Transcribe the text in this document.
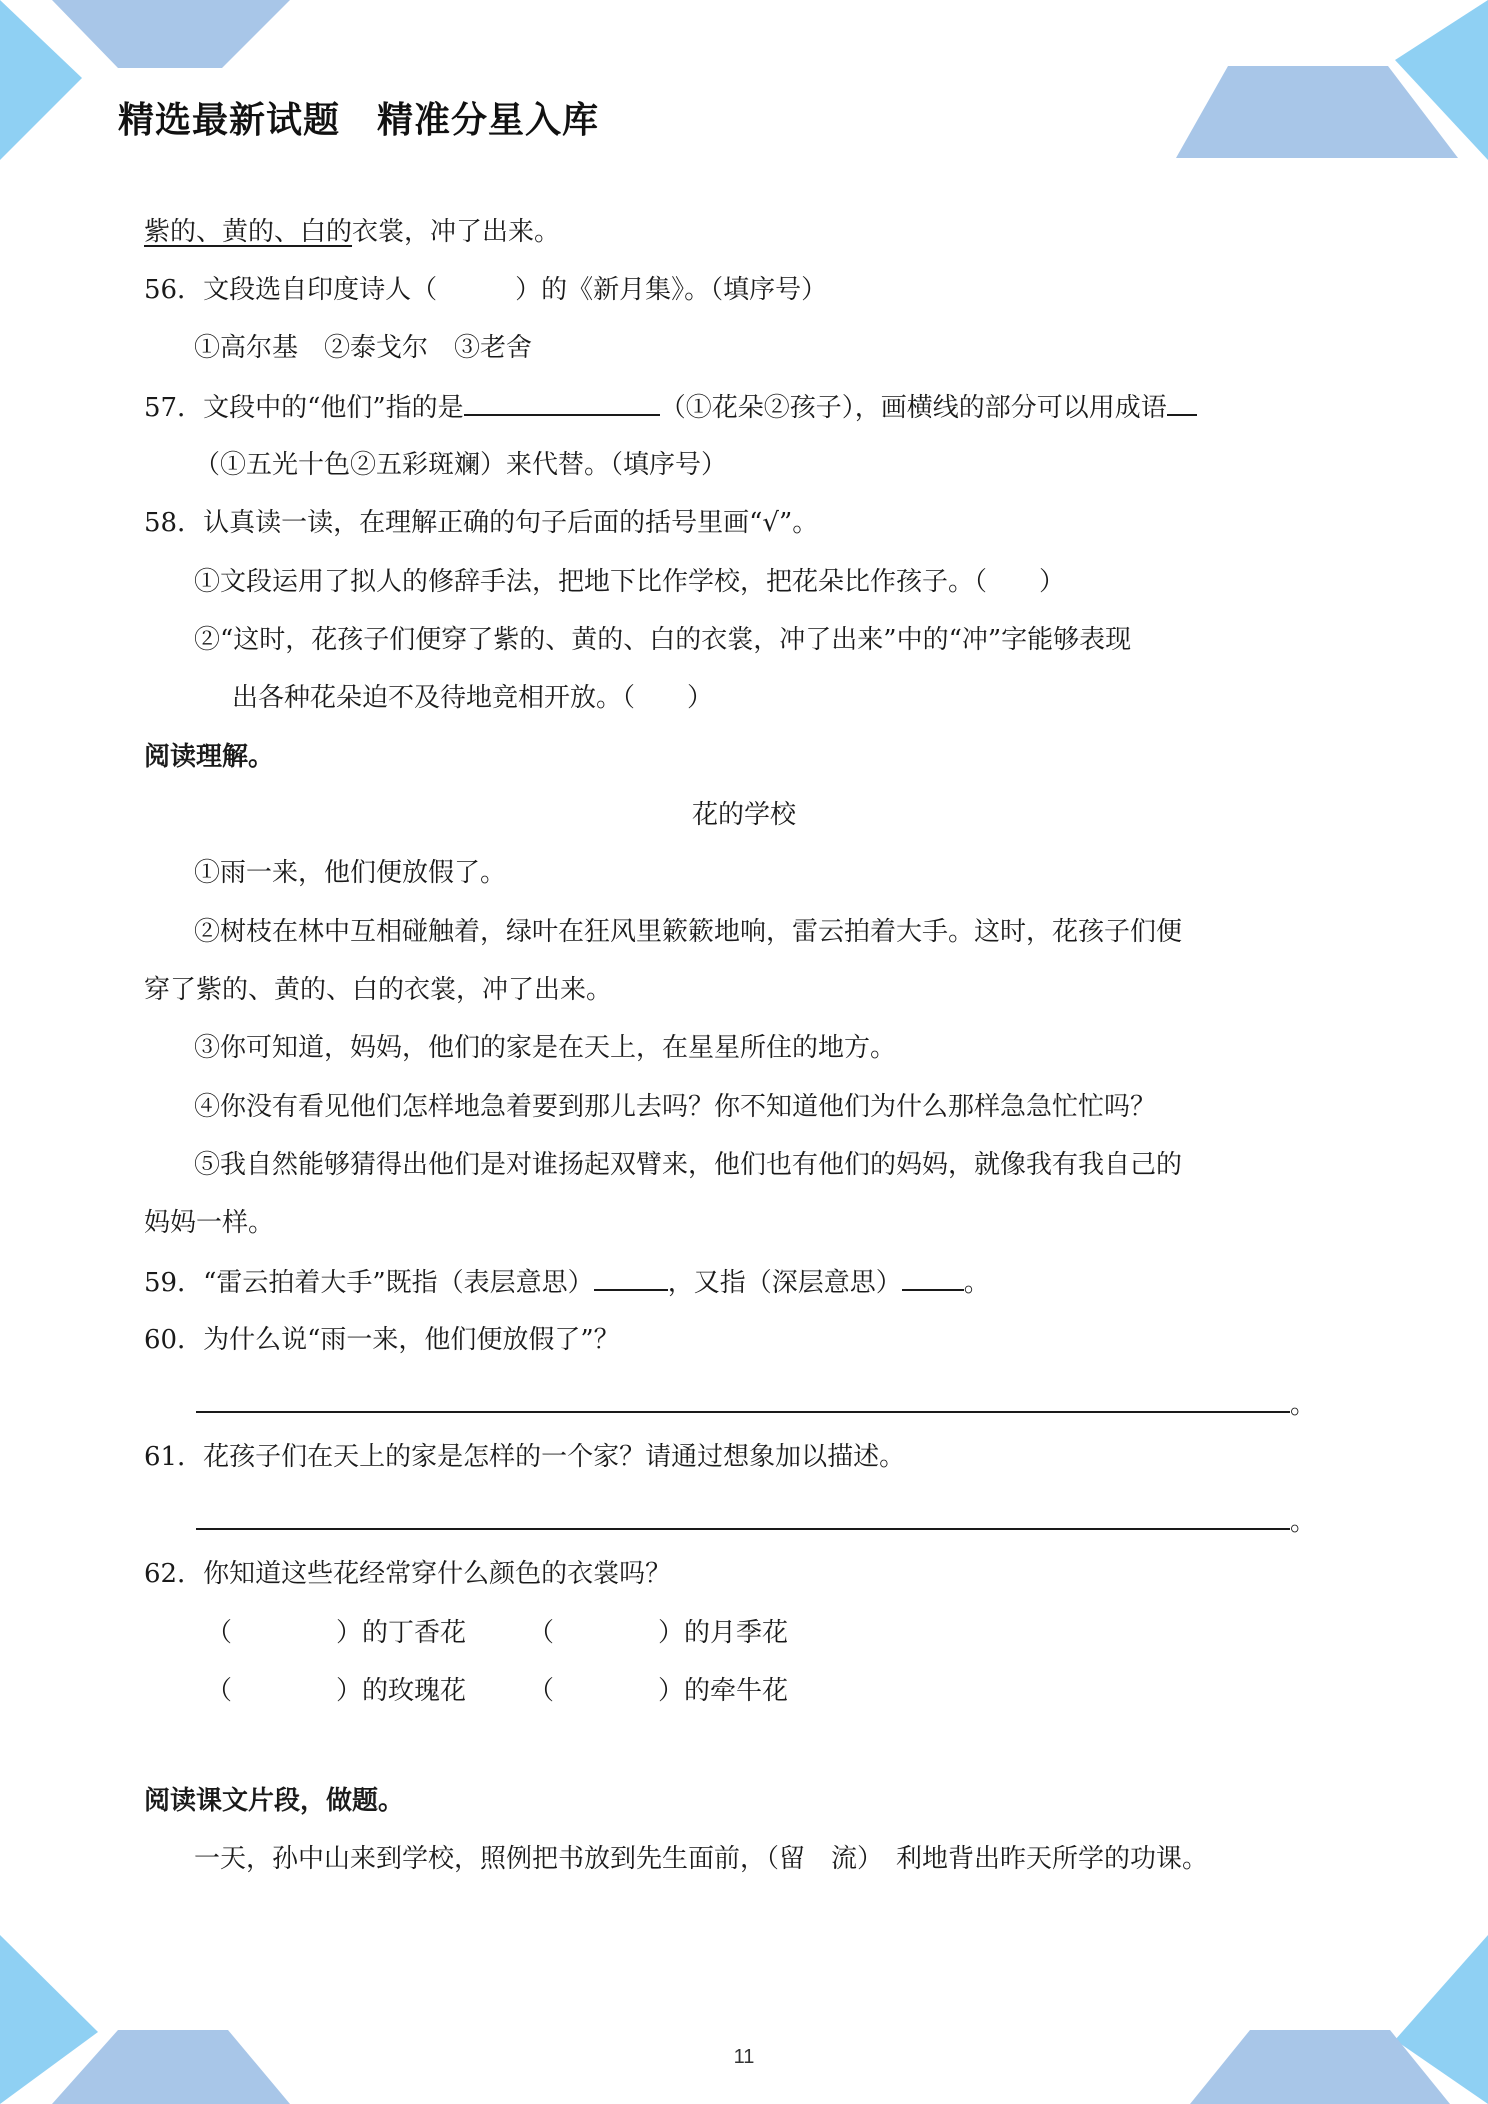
精选最新试题　精准分星入库
紫的、黄的、白的衣裳，冲了出来。
56．文段选自印度诗人（　　　）的《新月集》。（填序号）
①高尔基　②泰戈尔　③老舍
57．文段中的“他们”指的是	（①花朵②孩子），画横线的部分可以用成语
（①五光十色②五彩斑斓）来代替。（填序号）
58．认真读一读，在理解正确的句子后面的括号里画“√”。
①文段运用了拟人的修辞手法，把地下比作学校，把花朵比作孩子。（　　）
②“这时，花孩子们便穿了紫的、黄的、白的衣裳，冲了出来”中的“冲”字能够表现
出各种花朵迫不及待地竞相开放。（　　）
阅读理解。
花的学校
①雨一来，他们便放假了。
②树枝在林中互相碰触着，绿叶在狂风里簌簌地响，雷云拍着大手。这时，花孩子们便
穿了紫的、黄的、白的衣裳，冲了出来。
③你可知道，妈妈，他们的家是在天上，在星星所住的地方。
④你没有看见他们怎样地急着要到那儿去吗？你不知道他们为什么那样急急忙忙吗？
⑤我自然能够猜得出他们是对谁扬起双臂来，他们也有他们的妈妈，就像我有我自己的
妈妈一样。
59．“雷云拍着大手”既指（表层意思）	，又指（深层意思） 。
60．为什么说“雨一来，他们便放假了”？
。
61．花孩子们在天上的家是怎样的一个家？请通过想象加以描述。
。
62．你知道这些花经常穿什么颜色的衣裳吗？
（　　　　）的丁香花 （　　　　）的月季花
（　　　　）的玫瑰花 （　　　　）的牵牛花
阅读课文片段，做题。
一天，孙中山来到学校，照例把书放到先生面前，（留　流）　利地背出昨天所学的功课。
11
